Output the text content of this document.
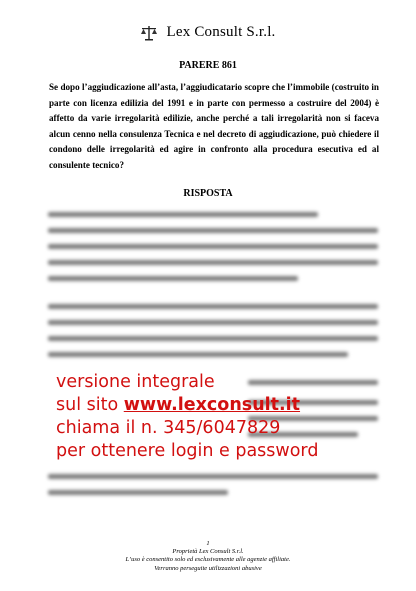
Lex Consult S.r.l.
PARERE 861

Se dopo l’aggiudicazione all’asta, l’aggiudicatario scopre che l’immobile (costruito in parte con licenza edilizia del 1991 e in parte con permesso a costruire del 2004) è affetto da varie irregolarità edilizie, anche perché a tali irregolarità non si faceva alcun cenno nella consulenza Tecnica e nel decreto di aggiudicazione, può chiedere il condono delle irregolarità ed agire in confronto alla procedura esecutiva ed al consulente tecnico?

RISPOSTA
versione integrale
sul sito www.lexconsult.it
chiama il n. 345/6047829
per ottenere login e password
1
Proprietà Lex Consult S.r.l.
L’uso è consentito solo ed esclusivamente alle agenzie affiliate.
Verranno perseguite utilizzazioni abusive
